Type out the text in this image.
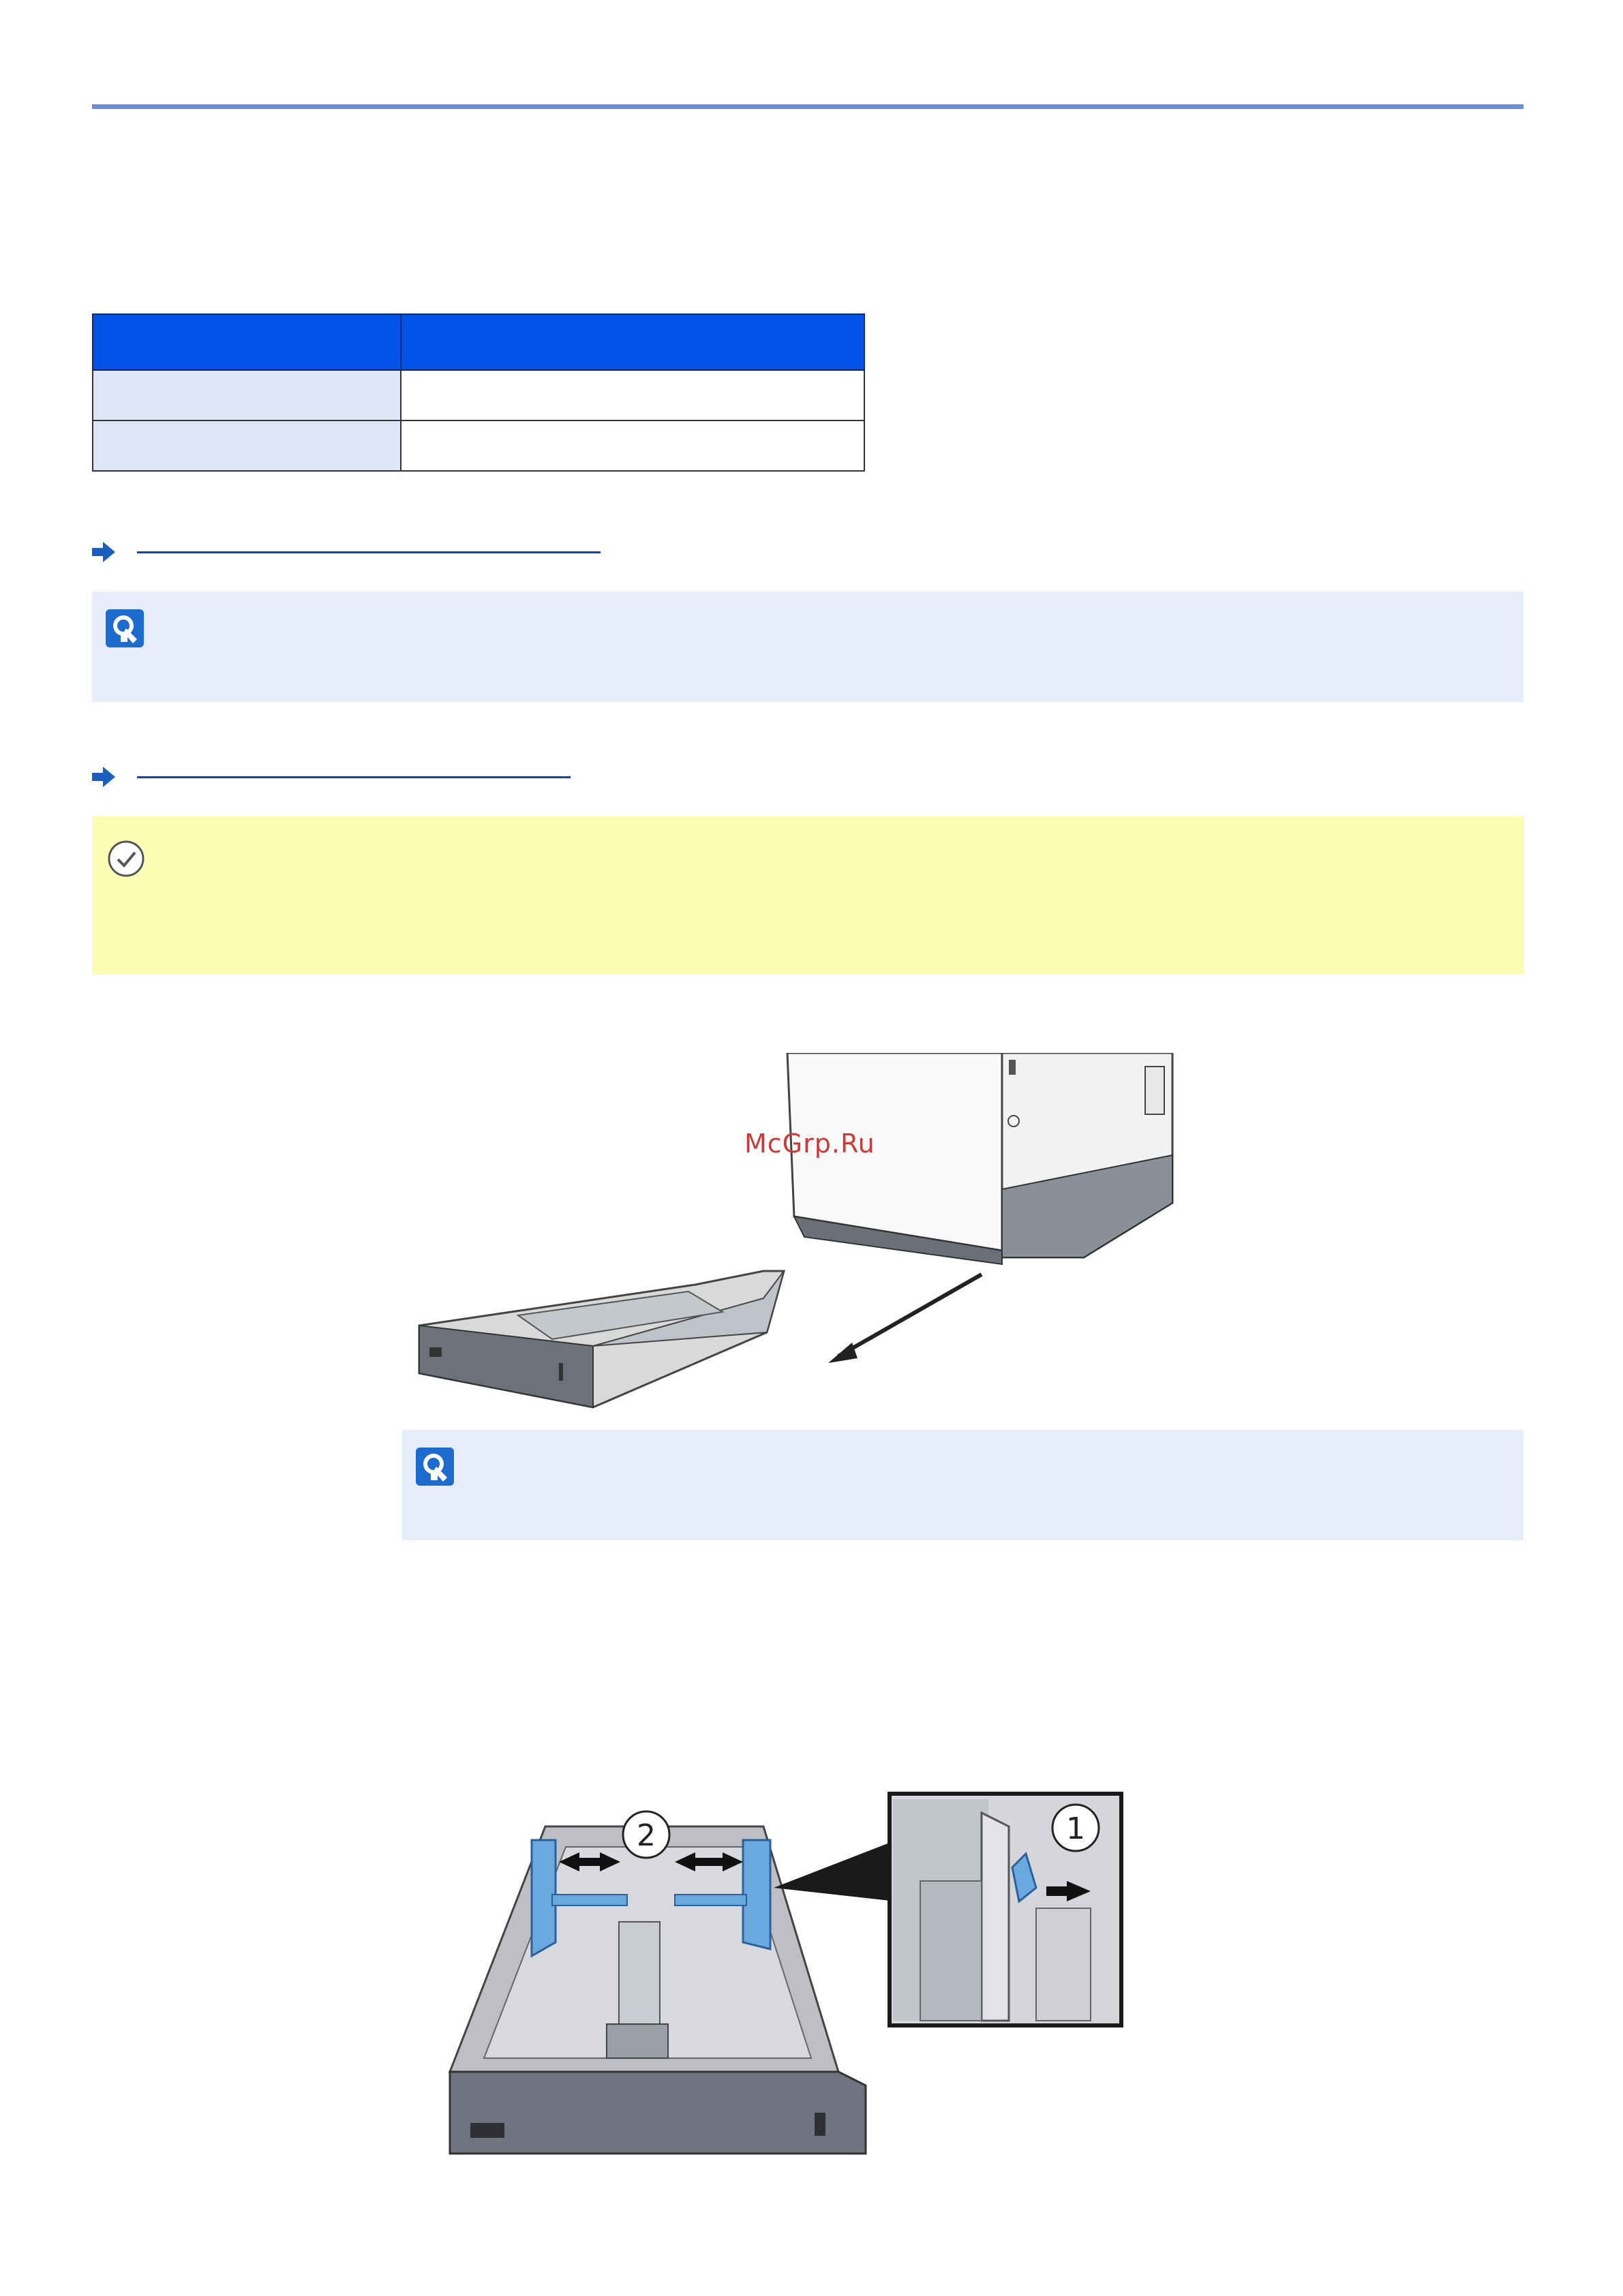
McGrp.Ru
2	1
